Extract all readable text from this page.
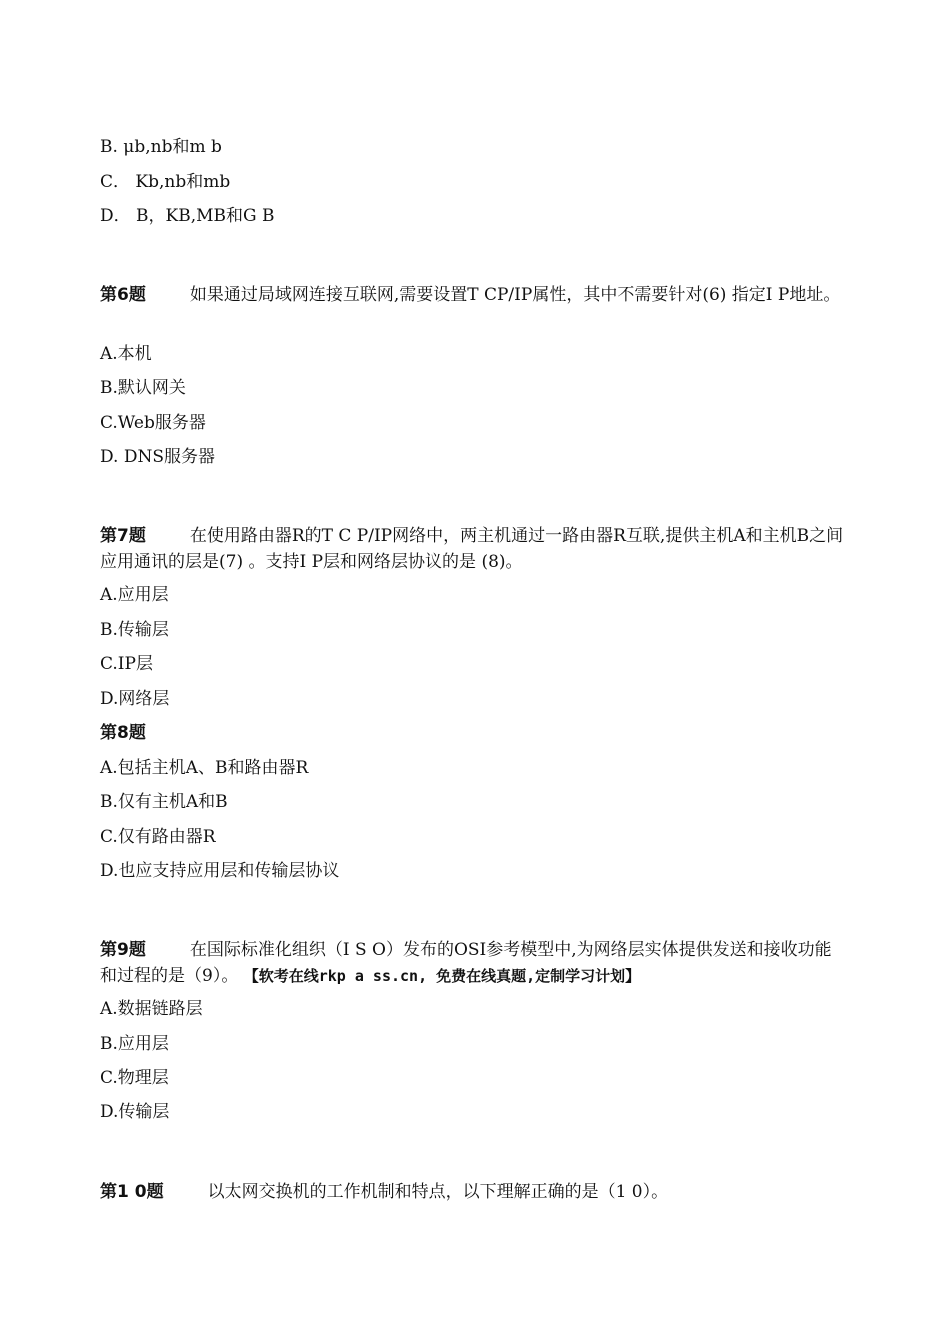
B. μb,nb和m b
C． Kb,nb和mb
D． B，KB,MB和G B
第6题	如果通过局域网连接互联网,需要设置T CP/IP属性，其中不需要针对(6) 指定I P地址。
A.本机
B.默认网关
C.Web服务器
D. DNS服务器
第7题	在使用路由器R的T C P/IP网络中，两主机通过一路由器R互联,提供主机A和主机B之间应用通讯的层是(7) 。支持I P层和网络层协议的是 (8)。
A.应用层
B.传输层
C.IP层
D.网络层
第8题
A.包括主机A、B和路由器R
B.仅有主机A和B
C.仅有路由器R
D.也应支持应用层和传输层协议
第9题	在国际标准化组织（I S O）发布的OSI参考模型中,为网络层实体提供发送和接收功能和过程的是（9）。 【软考在线rkp a ss.cn, 免费在线真题,定制学习计划】
A.数据链路层
B.应用层
C.物理层
D.传输层
第1 0题	以太网交换机的工作机制和特点，以下理解正确的是（1 0）。
